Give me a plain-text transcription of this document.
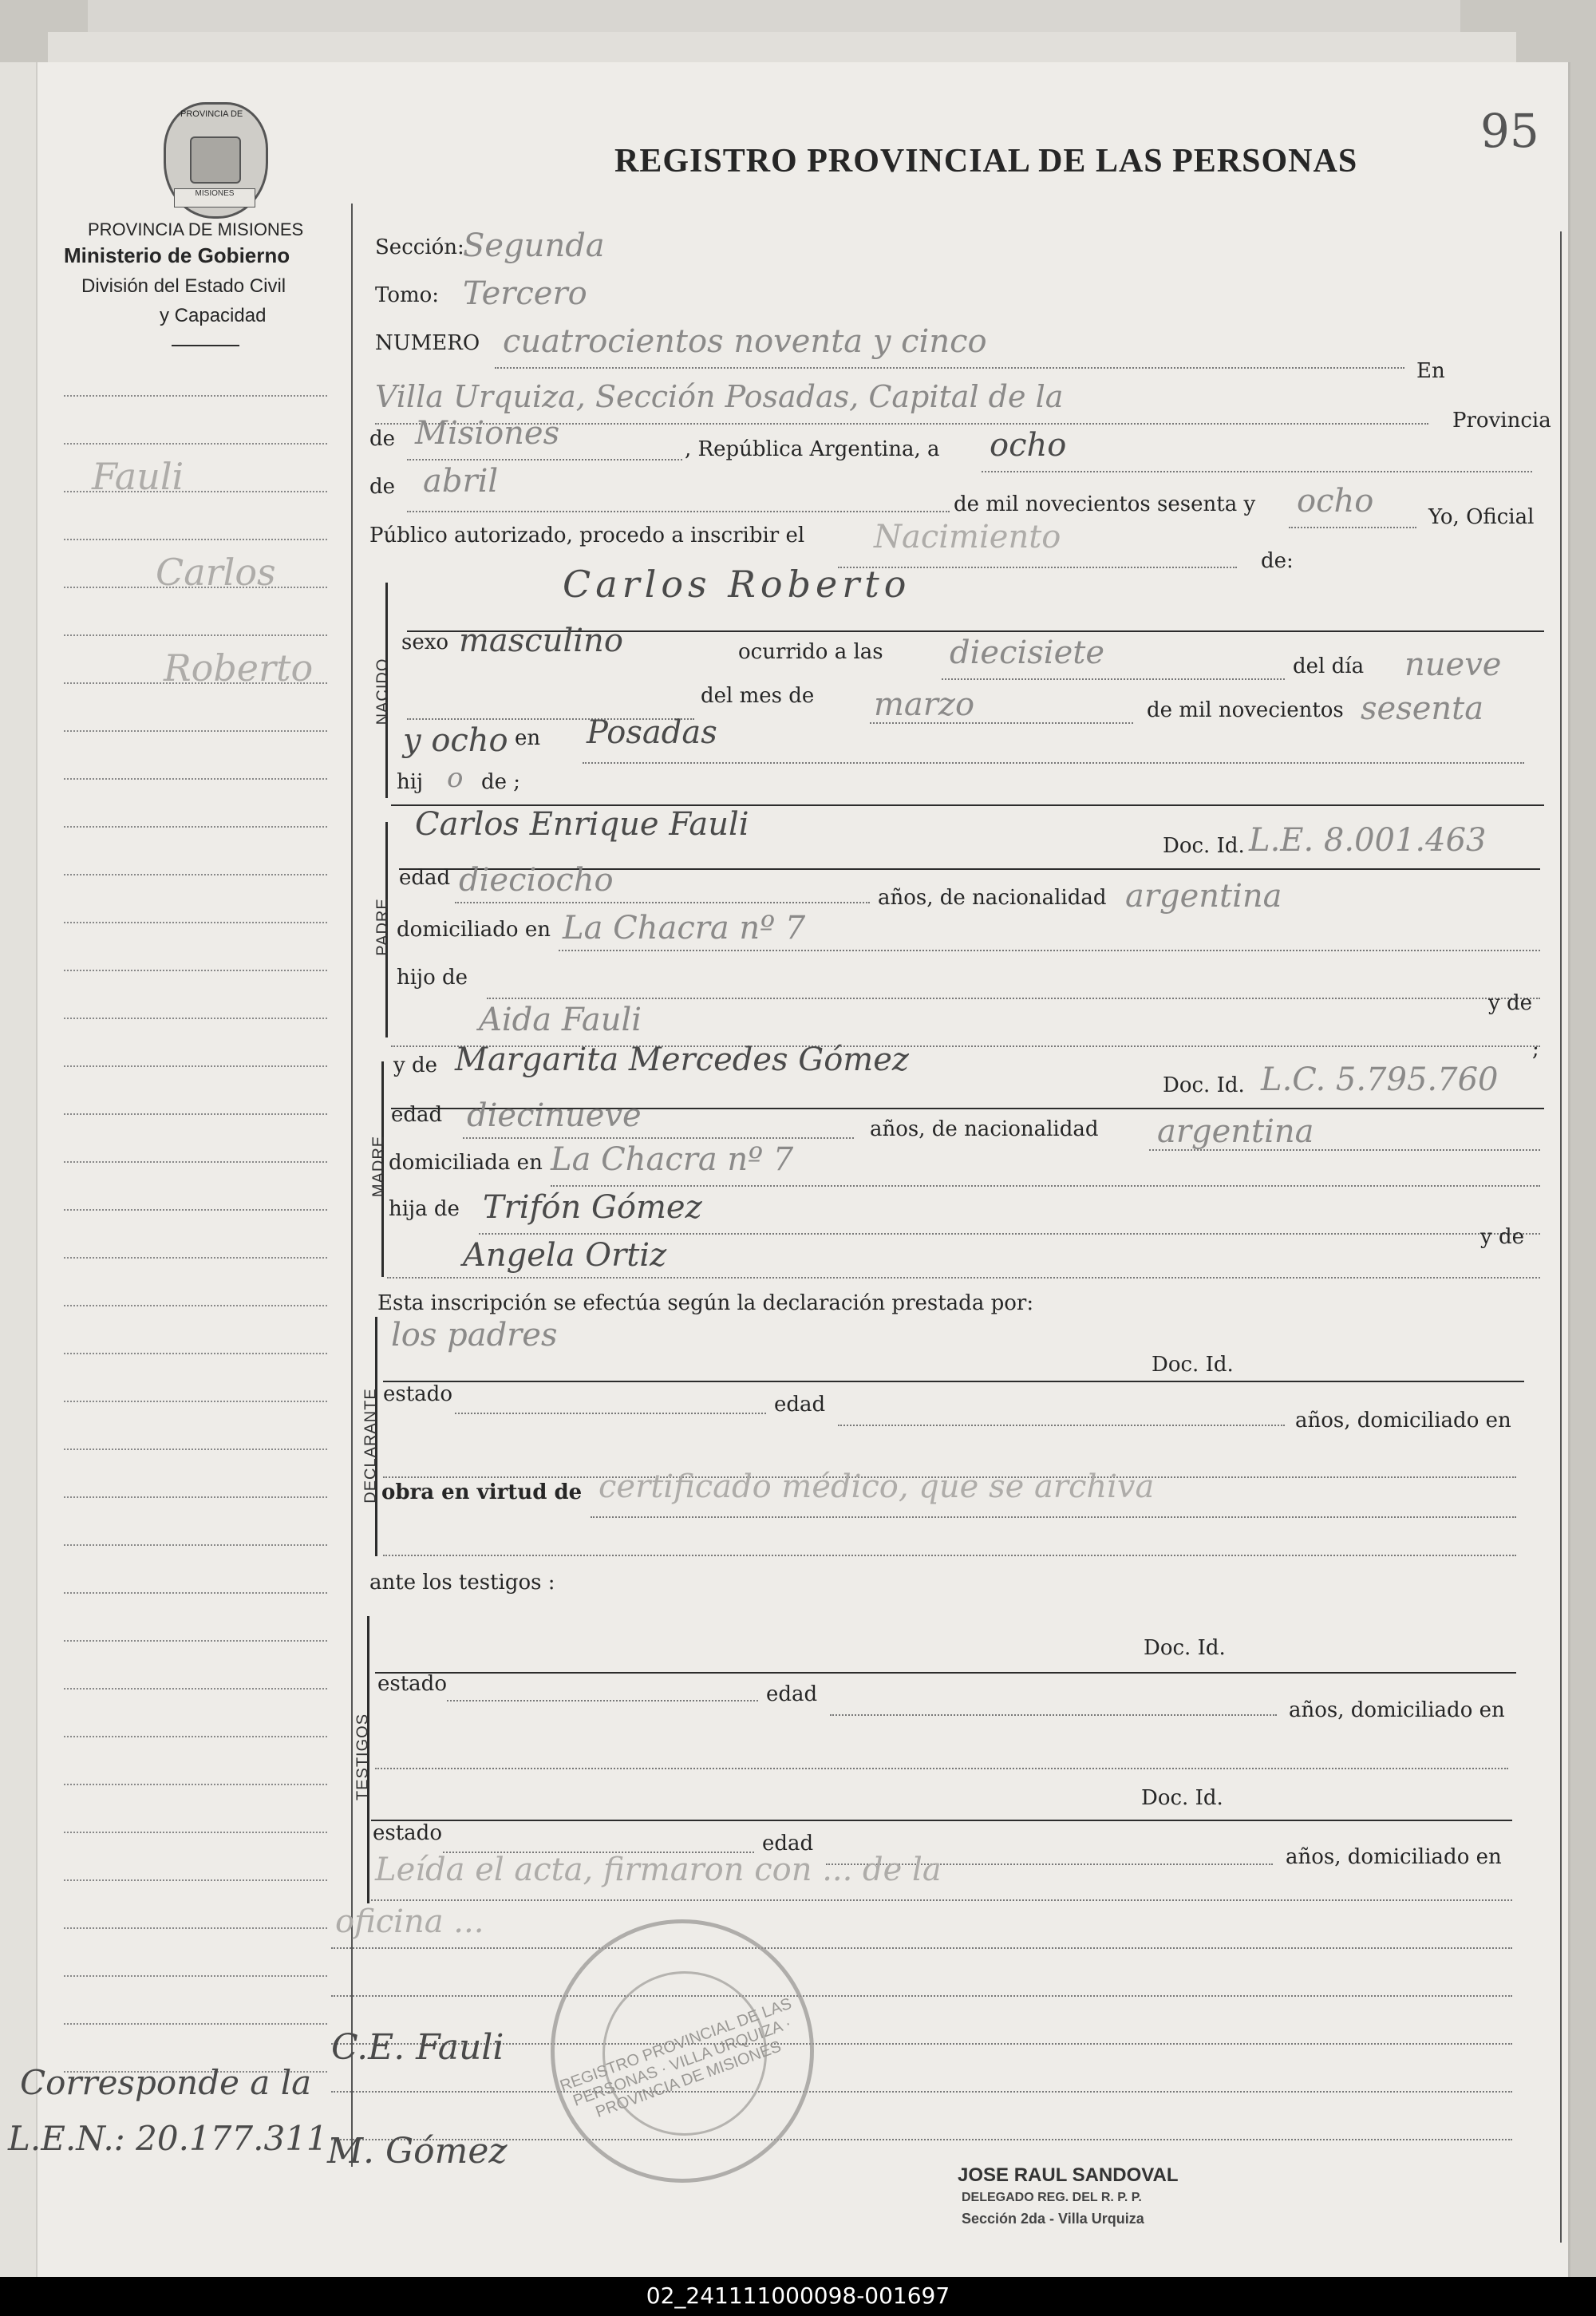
95
REGISTRO PROVINCIAL DE LAS PERSONAS
PROVINCIA DE
MISIONES
PROVINCIA DE MISIONES
Ministerio de Gobierno
División del Estado Civil
y Capacidad
Fauli
Carlos
Roberto
Corresponde a la
L.E.N.: 20.177.311
Sección:
Segunda
Tomo: Tercero
NUMERO cuatrocientos noventa y cinco
En
Villa Urquiza, Sección Posadas, Capital de la
Provincia
de Misiones	, República Argentina, a ocho
de abril
de mil novecientos sesenta y ocho	Yo, Oficial
Público autorizado, procedo a inscribir el Nacimiento
de:
NACIDO
Carlos Roberto
sexo masculino	ocurrido a las diecisiete	del día nueve
del mes de marzo	de mil novecientos sesenta
y ocho en Posadas
hij o de ;
PADRE
Carlos Enrique Fauli
Doc. Id. L.E. 8.001.463
edad dieciocho	años, de nacionalidad argentina
domiciliado en La Chacra nº 7
hijo de
y de
Aida Fauli
;
MADRE
y de Margarita Mercedes Gómez
Doc. Id. L.C. 5.795.760
edad diecinueve	años, de nacionalidad argentina
domiciliada en La Chacra nº 7
hija de Trifón Gómez
y de
Angela Ortiz
Esta inscripción se efectúa según la declaración prestada por:
DECLARANTE
los padres
Doc. Id.
estado	edad
años, domiciliado en
obra en virtud de certificado médico, que se archiva
ante los testigos :
TESTIGOS
Doc. Id.
estado	edad
años, domiciliado en
Doc. Id.
estado	edad
años, domiciliado en
Leída el acta, firmaron con ... de la
oficina ...
C.E. Fauli
M. Gómez
REGISTRO PROVINCIAL DE LAS PERSONAS · VILLA URQUIZA · PROVINCIA DE MISIONES
JOSE RAUL SANDOVAL
DELEGADO REG. DEL R. P. P.
Sección 2da - Villa Urquiza
02_241111000098-001697
